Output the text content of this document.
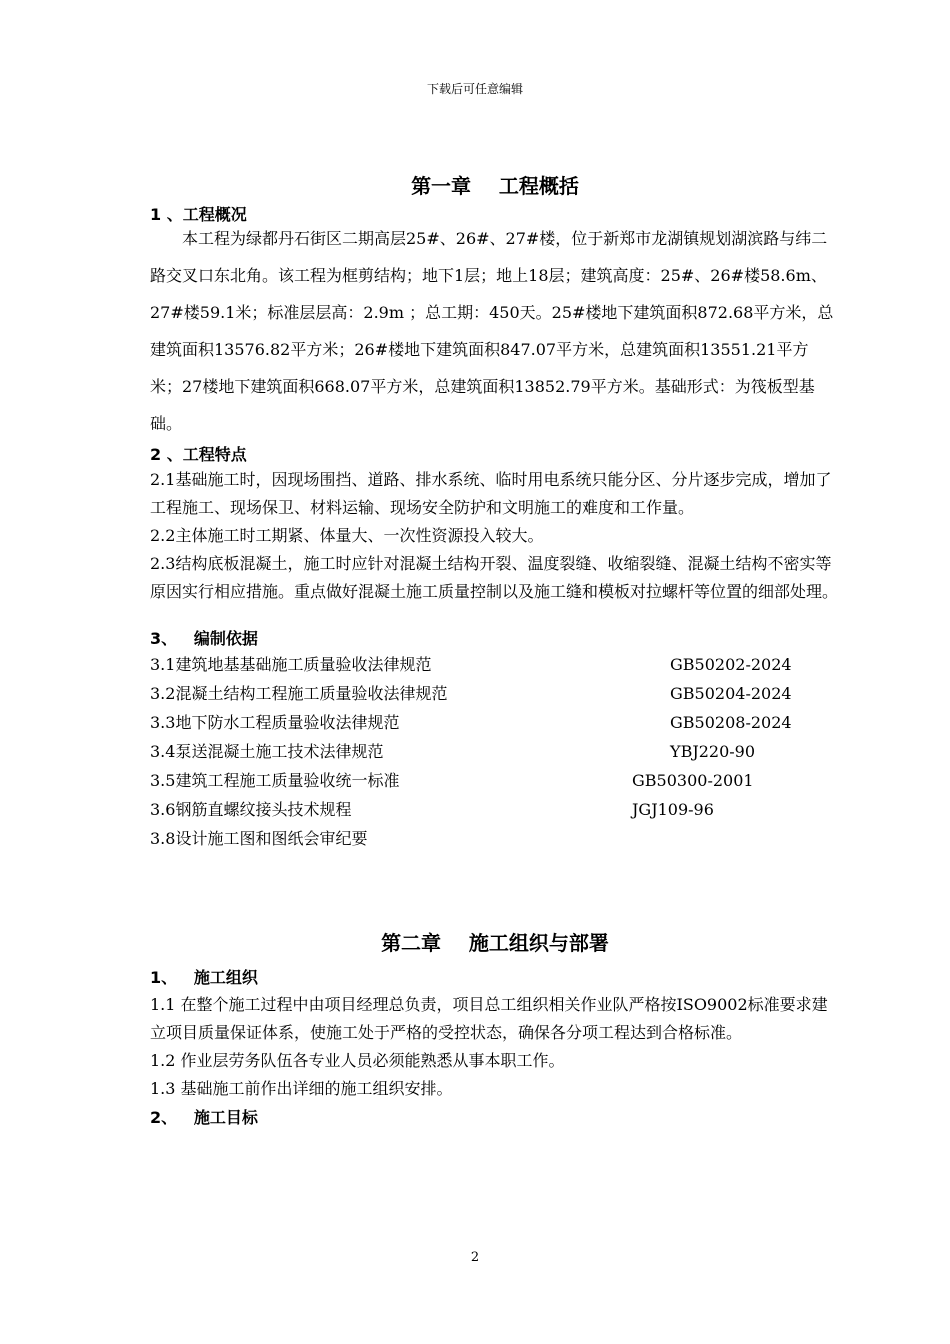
下载后可任意编辑
第一章    工程概括
1 、工程概况

本工程为绿都丹石街区二期高层25#、26#、27#楼，位于新郑市龙湖镇规划湖滨路与纬二路交叉口东北角。该工程为框剪结构；地下1层；地上18层；建筑高度：25#、26#楼58.6m、27#楼59.1米；标准层层高：2.9m ；总工期：450天。25#楼地下建筑面积872.68平方米，总建筑面积13576.82平方米；26#楼地下建筑面积847.07平方米，总建筑面积13551.21平方米；27楼地下建筑面积668.07平方米，总建筑面积13852.79平方米。基础形式：为筏板型基础。

2 、工程特点

2.1基础施工时，因现场围挡、道路、排水系统、临时用电系统只能分区、分片逐步完成，增加了工程施工、现场保卫、材料运输、现场安全防护和文明施工的难度和工作量。

2.2主体施工时工期紧、体量大、一次性资源投入较大。

2.3结构底板混凝土，施工时应针对混凝土结构开裂、温度裂缝、收缩裂缝、混凝土结构不密实等原因实行相应措施。重点做好混凝土施工质量控制以及施工缝和模板对拉螺杆等位置的细部处理。

3、   编制依据
3.1建筑地基基础施工质量验收法律规范	GB50202-2024
3.2混凝土结构工程施工质量验收法律规范	GB50204-2024
3.3地下防水工程质量验收法律规范	GB50208-2024
3.4泵送混凝土施工技术法律规范	YBJ220-90
3.5建筑工程施工质量验收统一标准	GB50300-2001
3.6钢筋直螺纹接头技术规程	JGJ109-96
3.8设计施工图和图纸会审纪要
第二章    施工组织与部署
1、   施工组织

1.1 在整个施工过程中由项目经理总负责，项目总工组织相关作业队严格按ISO9002标准要求建立项目质量保证体系，使施工处于严格的受控状态，确保各分项工程达到合格标准。

1.2 作业层劳务队伍各专业人员必须能熟悉从事本职工作。

1.3 基础施工前作出详细的施工组织安排。

2、   施工目标
2
